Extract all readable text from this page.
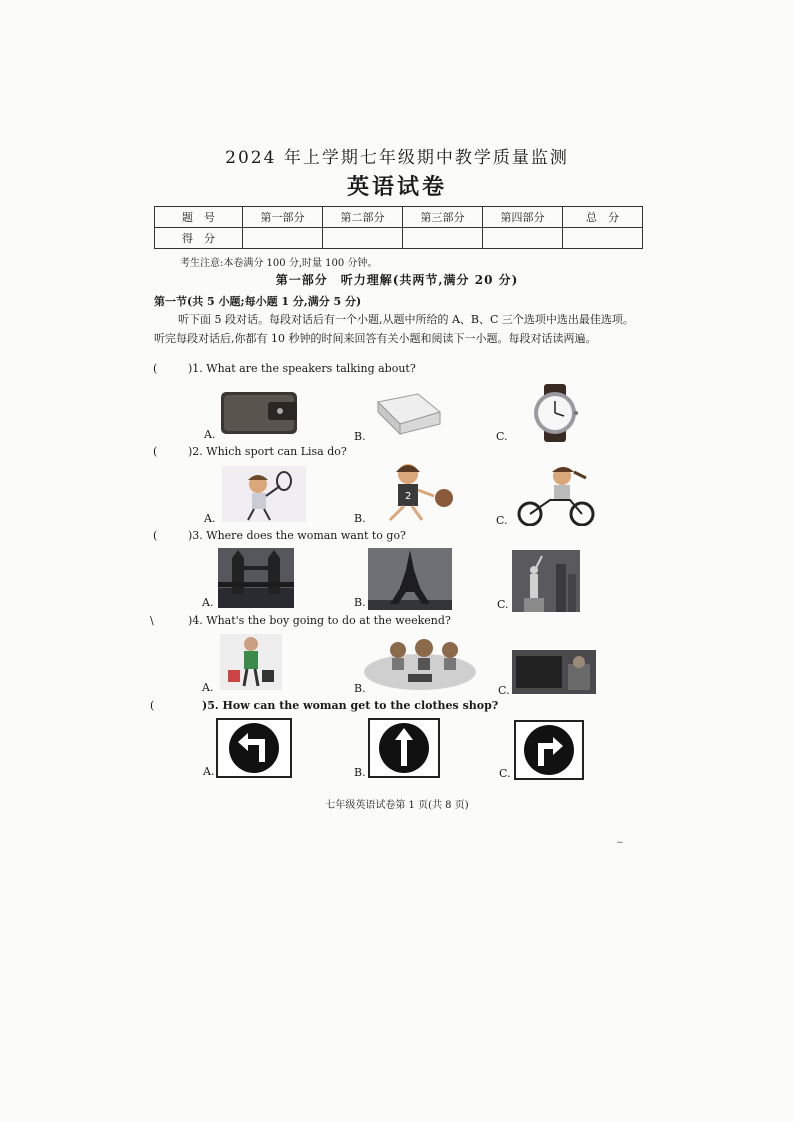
2024 年上学期七年级期中教学质量监测
英语试卷
题　号	第一部分	第二部分	第三部分	第四部分	总　分
得　分					
考生注意:本卷满分 100 分,时量 100 分钟。
第一部分　听力理解(共两节,满分 20 分)
第一节(共 5 小题;每小题 1 分,满分 5 分)
听下面 5 段对话。每段对话后有一个小题,从题中所给的 A、B、C 三个选项中选出最佳选项。听完每段对话后,你都有 10 秒钟的时间来回答有关小题和阅读下一小题。每段对话读两遍。
(	)1. What are the speakers talking about?
A.	B.	C.
(	)2. Which sport can Lisa do?
2
A.	B.	C.
(	)3. Where does the woman want to go?
A.	B.	C.
\	)4. What's the boy going to do at the weekend?
A.	B.	C.
(	)5. How can the woman get to the clothes shop?
A.	B.	C.
七年级英语试卷第 1 页(共 8 页)
~
